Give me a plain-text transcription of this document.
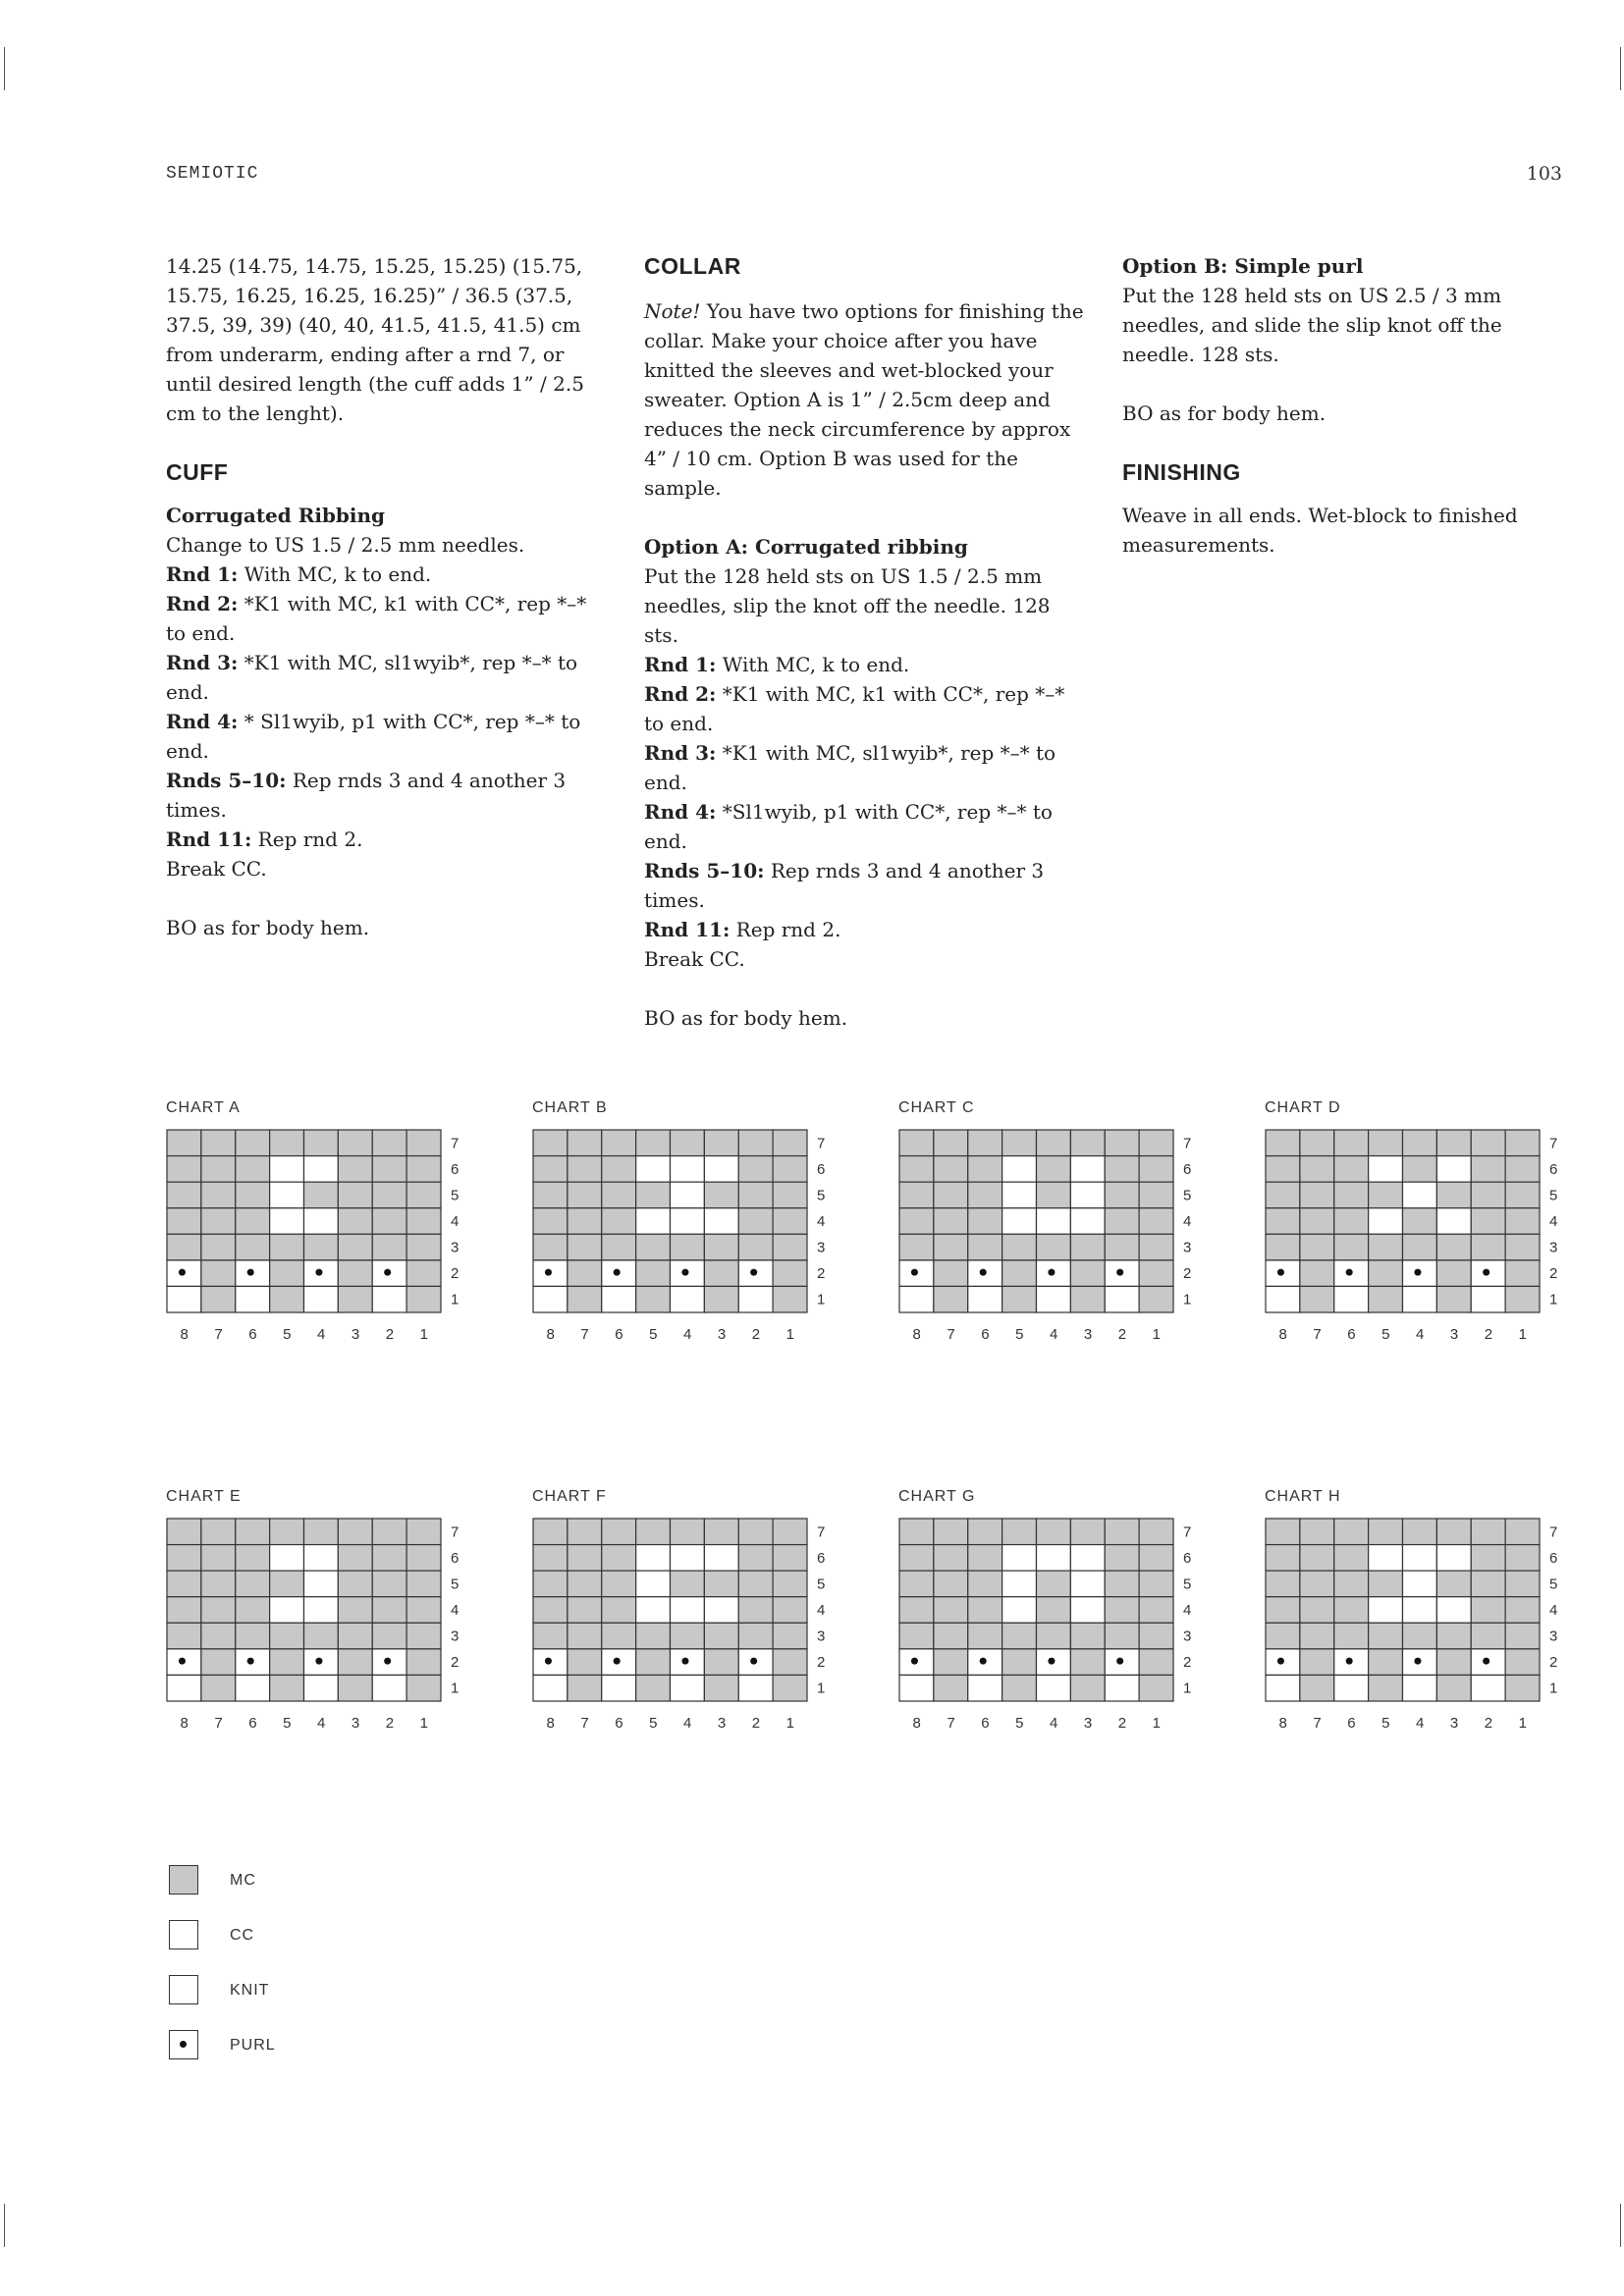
SEMIOTIC	103

14.25 (14.75, 14.75, 15.25, 15.25) (15.75, 15.75, 16.25, 16.25, 16.25)” / 36.5 (37.5, 37.5, 39, 39) (40, 40, 41.5, 41.5, 41.5) cm from underarm, ending after a rnd 7, or until desired length (the cuff adds 1” / 2.5 cm to the lenght).

CUFF
Corrugated Ribbing
Change to US 1.5 / 2.5 mm needles.
Rnd 1: With MC, k to end.
Rnd 2: *K1 with MC, k1 with CC*, rep *–* to end.
Rnd 3: *K1 with MC, sl1wyib*, rep *–* to end.
Rnd 4: * Sl1wyib, p1 with CC*, rep *–* to end.
Rnds 5–10: Rep rnds 3 and 4 another 3 times.
Rnd 11: Rep rnd 2.
Break CC.

BO as for body hem.

COLLAR

Note! You have two options for finishing the collar. Make your choice after you have knitted the sleeves and wet-blocked your sweater. Option A is 1” / 2.5cm deep and reduces the neck circumference by approx 4” / 10 cm. Option B was used for the sample.

Option A: Corrugated ribbing
Put the 128 held sts on US 1.5 / 2.5 mm needles, slip the knot off the needle. 128 sts.
Rnd 1: With MC, k to end.
Rnd 2: *K1 with MC, k1 with CC*, rep *–* to end.
Rnd 3: *K1 with MC, sl1wyib*, rep *–* to end.
Rnd 4: *Sl1wyib, p1 with CC*, rep *–* to end.
Rnds 5–10: Rep rnds 3 and 4 another 3 times.
Rnd 11: Rep rnd 2.
Break CC.

BO as for body hem.

Option B: Simple purl
Put the 128 held sts on US 2.5 / 3 mm needles, and slide the slip knot off the needle. 128 sts.

BO as for body hem.

FINISHING

Weave in all ends. Wet-block to finished measurements.

CHART A
7
6
5
4
3
2
1
8 7 6 5 4 3 2 1
CHART B
7
6
5
4
3
2
1
8 7 6 5 4 3 2 1
CHART C
7
6
5
4
3
2
1
8 7 6 5 4 3 2 1
CHART D
7
6
5
4
3
2
1
8 7 6 5 4 3 2 1
CHART E
7
6
5
4
3
2
1
8 7 6 5 4 3 2 1
CHART F
7
6
5
4
3
2
1
8 7 6 5 4 3 2 1
CHART G
7
6
5
4
3
2
1
8 7 6 5 4 3 2 1
CHART H
7
6
5
4
3
2
1
8 7 6 5 4 3 2 1
MC
CC
KNIT
PURL
